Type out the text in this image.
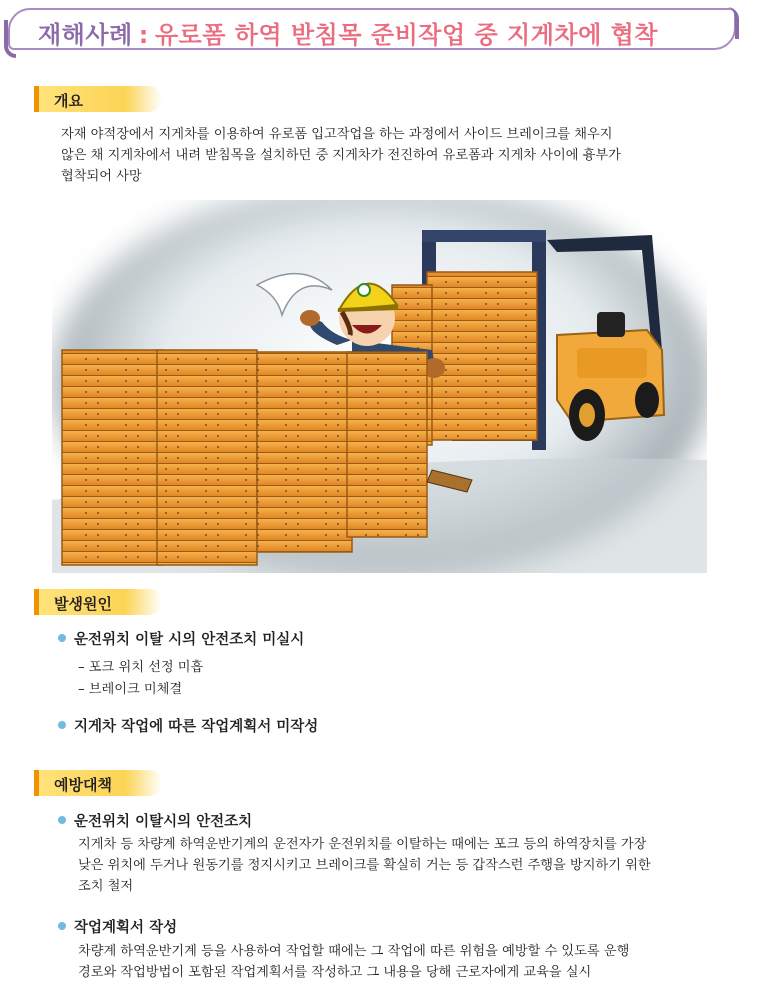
재해사례 : 유로폼 하역 받침목 준비작업 중 지게차에 협착
개요
자재 야적장에서 지게차를 이용하여 유로폼 입고작업을 하는 과정에서 사이드 브레이크를 채우지
않은 채 지게차에서 내려 받침목을 설치하던 중 지게차가 전진하여 유로폼과 지게차 사이에 흉부가
협착되어 사망
발생원인
운전위치 이탈 시의 안전조치 미실시
– 포크 위치 선정 미흡
– 브레이크 미체결
지게차 작업에 따른 작업계획서 미작성
예방대책
운전위치 이탈시의 안전조치
지게차 등 차량계 하역운반기계의 운전자가 운전위치를 이탈하는 때에는 포크 등의 하역장치를 가장
낮은 위치에 두거나 원동기를 정지시키고 브레이크를 확실히 거는 등 갑작스런 주행을 방지하기 위한
조치 철저
작업계획서 작성
차량계 하역운반기계 등을 사용하여 작업할 때에는 그 작업에 따른 위험을 예방할 수 있도록 운행
경로와 작업방법이 포함된 작업계획서를 작성하고 그 내용을 당해 근로자에게 교육을 실시
